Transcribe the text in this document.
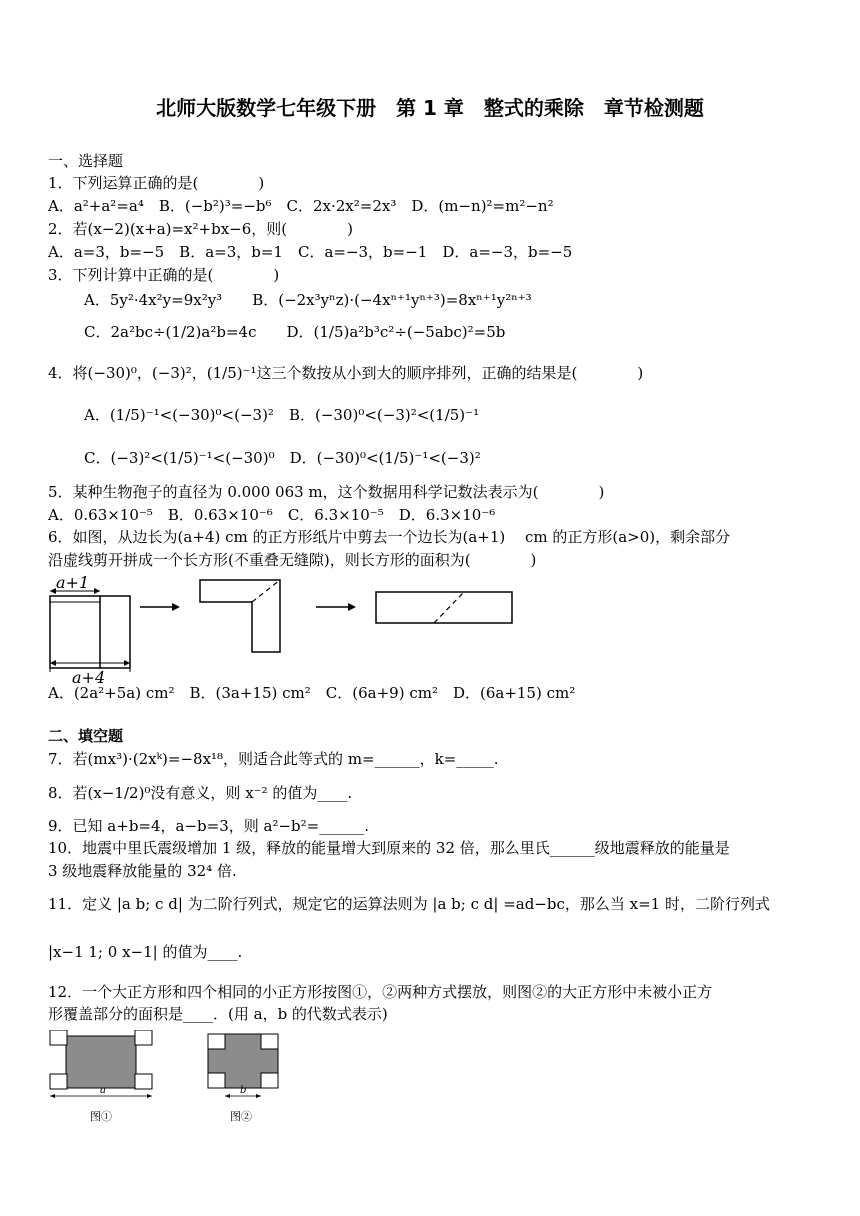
北师大版数学七年级下册　第 1 章　整式的乘除　章节检测题
一、选择题
1．下列运算正确的是(　　　　)
A．a²+a²=a⁴　B．(−b²)³=−b⁶　C．2x·2x²=2x³　D．(m−n)²=m²−n²
2．若(x−2)(x+a)=x²+bx−6，则(　　　　)
A．a=3，b=−5　B．a=3，b=1　C．a=−3，b=−1　D．a=−3，b=−5
3．下列计算中正确的是(　　　　)
A．5y²·4x²y=9x²y³　　B．(−2x³yⁿz)·(−4xⁿ⁺¹yⁿ⁺³)=8xⁿ⁺¹y²ⁿ⁺³
C．2a²bc÷(1/2)a²b=4c　　D．(1/5)a²b³c²÷(−5abc)²=5b
4．将(−30)⁰，(−3)²，(1/5)⁻¹这三个数按从小到大的顺序排列，正确的结果是(　　　　)
A．(1/5)⁻¹<(−30)⁰<(−3)²　B．(−30)⁰<(−3)²<(1/5)⁻¹
C．(−3)²<(1/5)⁻¹<(−30)⁰　D．(−30)⁰<(1/5)⁻¹<(−3)²
5．某种生物孢子的直径为 0.000 063 m，这个数据用科学记数法表示为(　　　　)
A．0.63×10⁻⁵　B．0.63×10⁻⁶　C．6.3×10⁻⁵　D．6.3×10⁻⁶
6．如图，从边长为(a+4) cm 的正方形纸片中剪去一个边长为(a+1)　 cm 的正方形(a>0)，剩余部分
沿虚线剪开拼成一个长方形(不重叠无缝隙)，则长方形的面积为(　　　　)
a+1
a+4
A．(2a²+5a) cm²　B．(3a+15) cm²　C．(6a+9) cm²　D．(6a+15) cm²
二、填空题
7．若(mx³)·(2xᵏ)=−8x¹⁸，则适合此等式的 m=______，k=_____.
8．若(x−1/2)⁰没有意义，则 x⁻² 的值为____.
9．已知 a+b=4，a−b=3，则 a²−b²=______.
10．地震中里氏震级增加 1 级，释放的能量增大到原来的 32 倍，那么里氏______级地震释放的能量是
3 级地震释放能量的 32⁴ 倍.
11．定义 |a b; c d| 为二阶行列式，规定它的运算法则为 |a b; c d| =ad−bc，那么当 x=1 时，二阶行列式
|x−1 1; 0 x−1| 的值为____.
12．一个大正方形和四个相同的小正方形按图①，②两种方式摆放，则图②的大正方形中未被小正方
形覆盖部分的面积是____．(用 a，b 的代数式表示)
a
图①
b
图②
